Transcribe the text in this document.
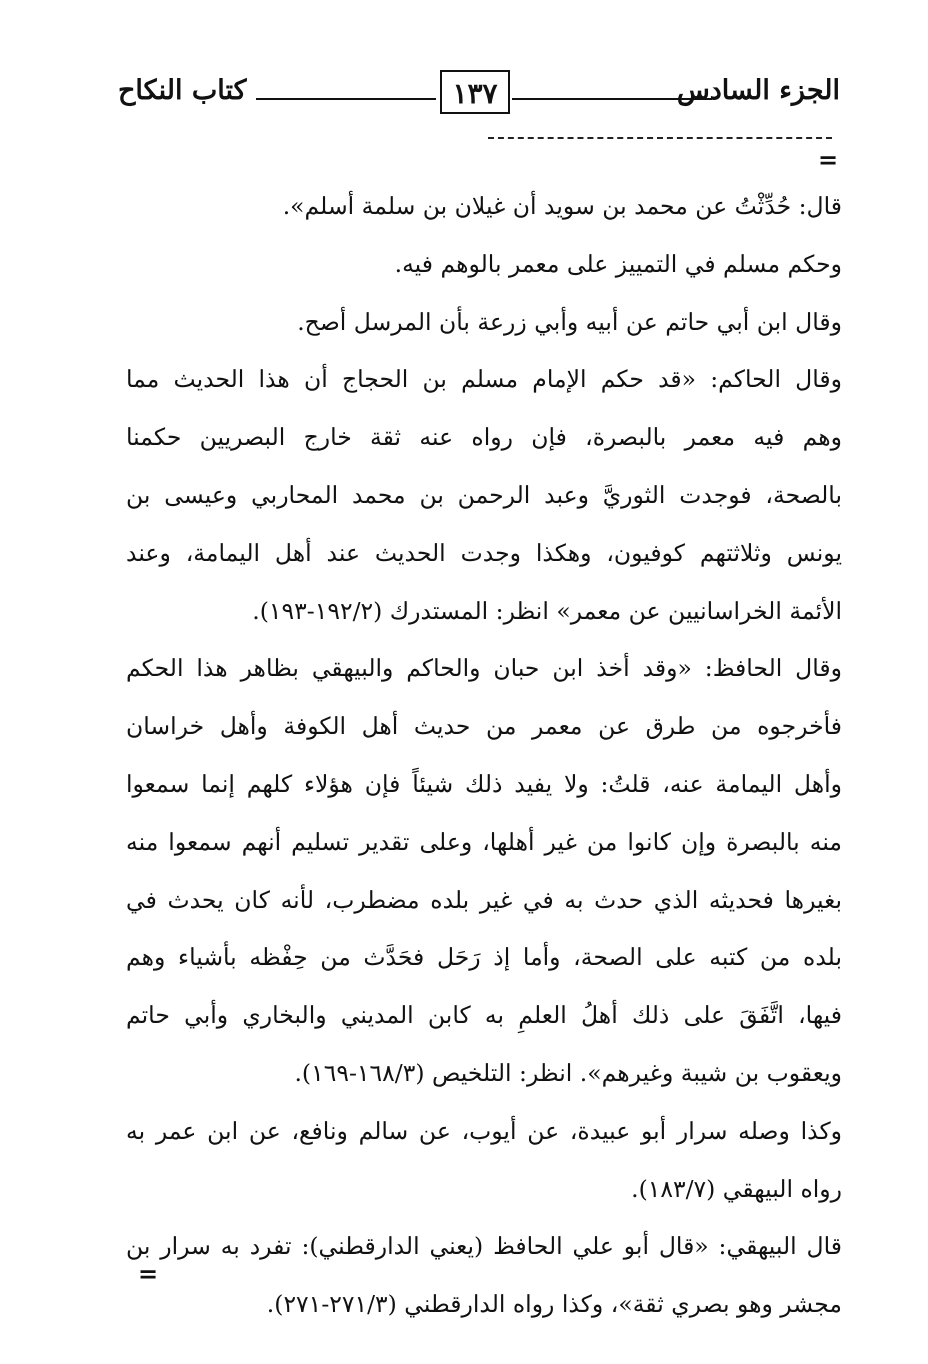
الجزء السادس
١٣٧
كتاب النكاح
=
قال: حُدِّثْتُ عن محمد بن سويد أن غيلان بن سلمة أسلم».
وحكم مسلم في التمييز على معمر بالوهم فيه.
وقال ابن أبي حاتم عن أبيه وأبي زرعة بأن المرسل أصح.
وقال الحاكم: «قد حكم الإمام مسلم بن الحجاج أن هذا الحديث مما
وهم فيه معمر بالبصرة، فإن رواه عنه ثقة خارج البصريين حكمنا
بالصحة، فوجدت الثوريَّ وعبد الرحمن بن محمد المحاربي وعيسى بن
يونس وثلاثتهم كوفيون، وهكذا وجدت الحديث عند أهل اليمامة، وعند
الأئمة الخراسانيين عن معمر» انظر: المستدرك (١٩٢/٢-١٩٣).
وقال الحافظ: «وقد أخذ ابن حبان والحاكم والبيهقي بظاهر هذا الحكم
فأخرجوه من طرق عن معمر من حديث أهل الكوفة وأهل خراسان
وأهل اليمامة عنه، قلتُ: ولا يفيد ذلك شيئاً فإن هؤلاء كلهم إنما سمعوا
منه بالبصرة وإن كانوا من غير أهلها، وعلى تقدير تسليم أنهم سمعوا منه
بغيرها فحديثه الذي حدث به في غير بلده مضطرب، لأنه كان يحدث في
بلده من كتبه على الصحة، وأما إذ رَحَل فحَدَّث من حِفْظه بأشياء وهم
فيها، اتَّفَقَ على ذلك أهلُ العلمِ به كابن المديني والبخاري وأبي حاتم
ويعقوب بن شيبة وغيرهم». انظر: التلخيص (١٦٨/٣-١٦٩).
وكذا وصله سرار أبو عبيدة، عن أيوب، عن سالم ونافع، عن ابن عمر به
رواه البيهقي (١٨٣/٧).
قال البيهقي: «قال أبو علي الحافظ (يعني الدارقطني): تفرد به سرار بن
مجشر وهو بصري ثقة»، وكذا رواه الدارقطني (٢٧١/٣-٢٧١).
=
